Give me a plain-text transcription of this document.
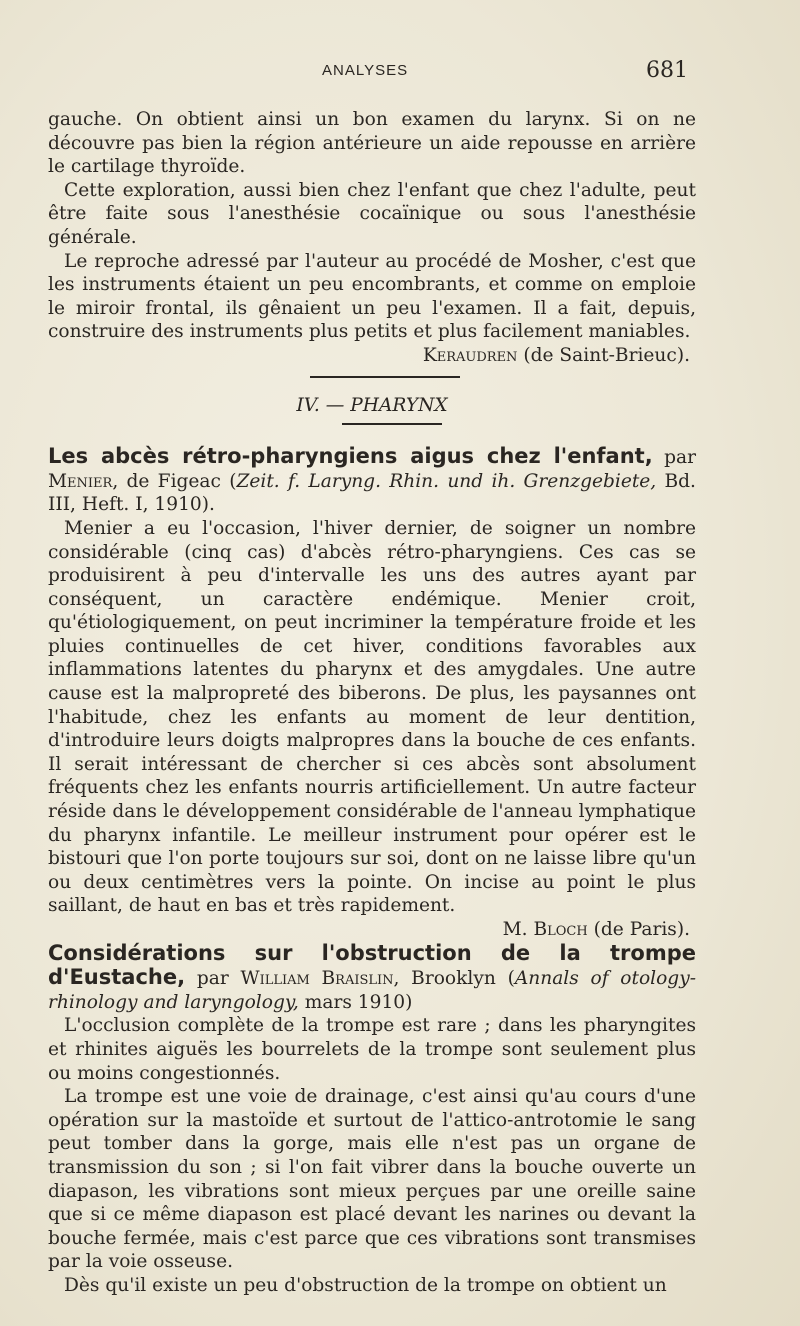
ANALYSES	681

gauche. On obtient ainsi un bon examen du larynx. Si on ne découvre pas bien la région antérieure un aide repousse en arrière le cartilage thyroïde.

Cette exploration, aussi bien chez l'enfant que chez l'adulte, peut être faite sous l'anesthésie cocaïnique ou sous l'anesthésie générale.

Le reproche adressé par l'auteur au procédé de Mosher, c'est que les instruments étaient un peu encombrants, et comme on emploie le miroir frontal, ils gênaient un peu l'examen. Il a fait, depuis, construire des instruments plus petits et plus facilement maniables.

Keraudren (de Saint-Brieuc).

IV. — PHARYNX

Les abcès rétro-pharyngiens aigus chez l'enfant, par Menier, de Figeac (Zeit. f. Laryng. Rhin. und ih. Grenzgebiete, Bd. III, Heft. I, 1910).

Menier a eu l'occasion, l'hiver dernier, de soigner un nombre considérable (cinq cas) d'abcès rétro-pharyngiens. Ces cas se produisirent à peu d'intervalle les uns des autres ayant par conséquent, un caractère endémique. Menier croit, qu'étiologiquement, on peut incriminer la température froide et les pluies continuelles de cet hiver, conditions favorables aux inflammations latentes du pharynx et des amygdales. Une autre cause est la malpropreté des biberons. De plus, les paysannes ont l'habitude, chez les enfants au moment de leur dentition, d'introduire leurs doigts malpropres dans la bouche de ces enfants. Il serait intéressant de chercher si ces abcès sont absolument fréquents chez les enfants nourris artificiellement. Un autre facteur réside dans le développement considérable de l'anneau lymphatique du pharynx infantile. Le meilleur instrument pour opérer est le bistouri que l'on porte toujours sur soi, dont on ne laisse libre qu'un ou deux centimètres vers la pointe. On incise au point le plus saillant, de haut en bas et très rapidement.

M. Bloch (de Paris).

Considérations sur l'obstruction de la trompe d'Eustache, par William Braislin, Brooklyn (Annals of otology-rhinology and laryngology, mars 1910)

L'occlusion complète de la trompe est rare ; dans les pharyngites et rhinites aiguës les bourrelets de la trompe sont seulement plus ou moins congestionnés.

La trompe est une voie de drainage, c'est ainsi qu'au cours d'une opération sur la mastoïde et surtout de l'attico-antrotomie le sang peut tomber dans la gorge, mais elle n'est pas un organe de transmission du son ; si l'on fait vibrer dans la bouche ouverte un diapason, les vibrations sont mieux perçues par une oreille saine que si ce même diapason est placé devant les narines ou devant la bouche fermée, mais c'est parce que ces vibrations sont transmises par la voie osseuse.

Dès qu'il existe un peu d'obstruction de la trompe on obtient un
